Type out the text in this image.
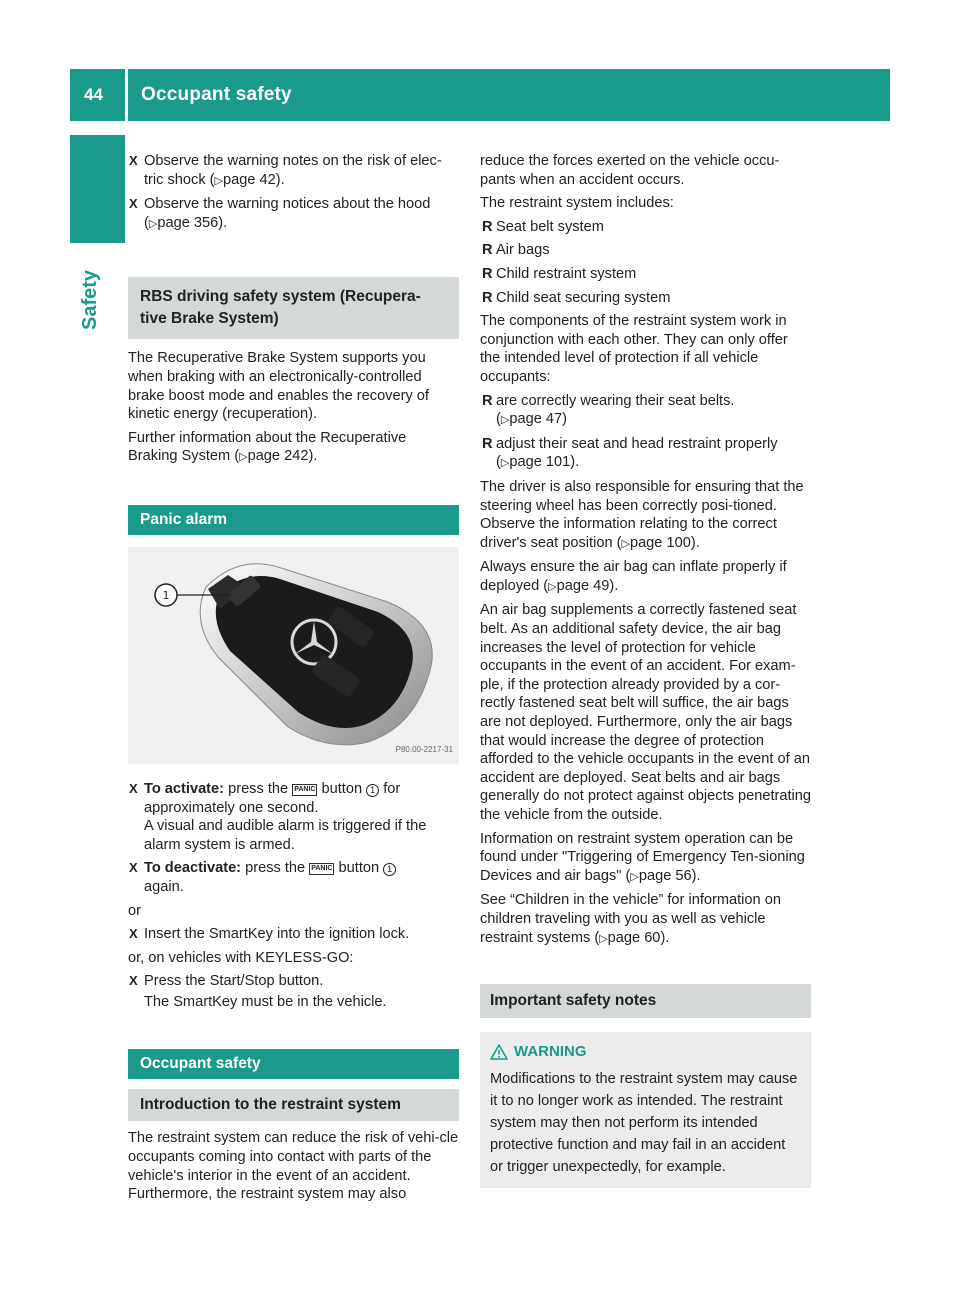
44	Occupant safety
Safety
X Observe the warning notes on the risk of elec-tric shock (▷page 42).
X Observe the warning notices about the hood (▷page 356).
RBS driving safety system (Recupera-tive Brake System)

The Recuperative Brake System supports you when braking with an electronically-controlled brake boost mode and enables the recovery of kinetic energy (recuperation).

Further information about the Recuperative Braking System (▷page 242).

Panic alarm
1
P80.00-2217-31
X To activate: press the PANIC button 1 for approximately one second.
A visual and audible alarm is triggered if the alarm system is armed.
X To deactivate: press the PANIC button 1
again.

or

X Insert the SmartKey into the ignition lock.

or, on vehicles with KEYLESS-GO:

X Press the Start/Stop button.

The SmartKey must be in the vehicle.

Occupant safety
Introduction to the restraint system

The restraint system can reduce the risk of vehi-cle occupants coming into contact with parts of the vehicle's interior in the event of an accident. Furthermore, the restraint system may also

reduce the forces exerted on the vehicle occu-pants when an accident occurs.

The restraint system includes:

R Seat belt system
R Air bags
R Child restraint system
R Child seat securing system

The components of the restraint system work in conjunction with each other. They can only offer the intended level of protection if all vehicle occupants:

R are correctly wearing their seat belts.
(▷page 47)
R adjust their seat and head restraint properly
(▷page 101).

The driver is also responsible for ensuring that the steering wheel has been correctly posi-tioned. Observe the information relating to the correct driver's seat position (▷page 100).

Always ensure the air bag can inflate properly if deployed (▷page 49).

An air bag supplements a correctly fastened seat belt. As an additional safety device, the air bag increases the level of protection for vehicle occupants in the event of an accident. For exam-ple, if the protection already provided by a cor-rectly fastened seat belt will suffice, the air bags are not deployed. Furthermore, only the air bags that would increase the degree of protection afforded to the vehicle occupants in the event of an accident are deployed. Seat belts and air bags generally do not protect against objects penetrating the vehicle from the outside.

Information on restraint system operation can be found under "Triggering of Emergency Ten-sioning Devices and air bags" (▷page 56).

See “Children in the vehicle” for information on children traveling with you as well as vehicle restraint systems (▷page 60).

Important safety notes
WARNING

Modifications to the restraint system may cause it to no longer work as intended. The restraint system may then not perform its intended protective function and may fail in an accident or trigger unexpectedly, for example.
